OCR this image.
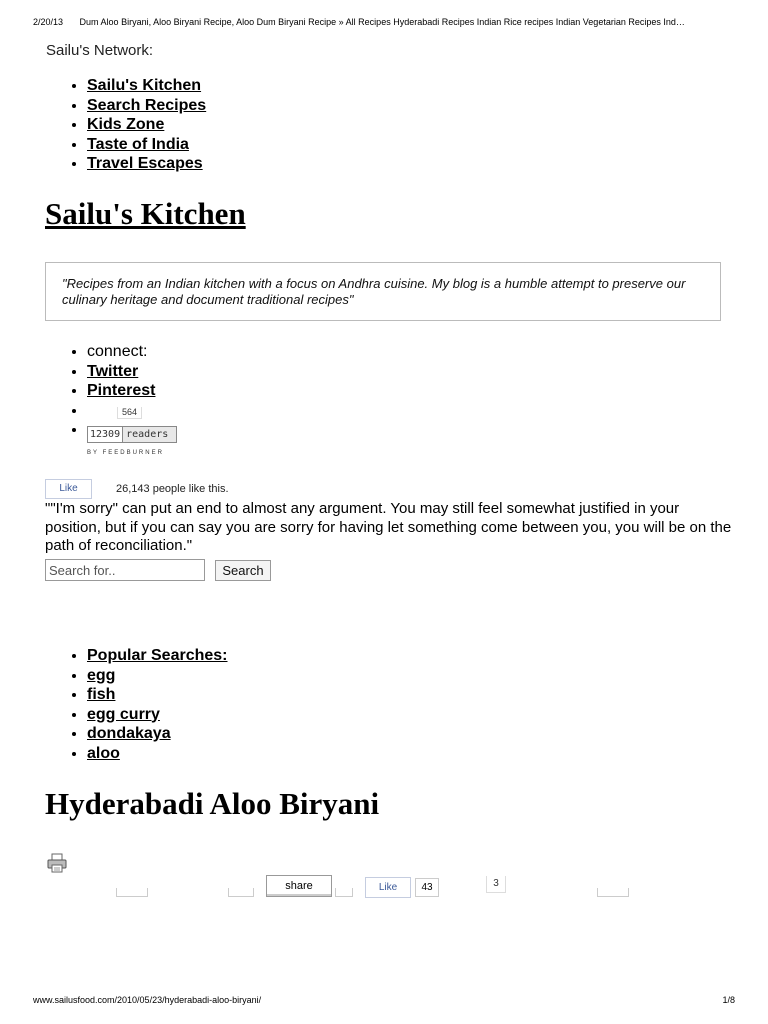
2/20/13 Dum Aloo Biryani, Aloo Biryani Recipe, Aloo Dum Biryani Recipe » All Recipes Hyderabadi Recipes Indian Rice recipes Indian Vegetarian Recipes Ind…
Sailu's Network:
• Sailu's Kitchen
• Search Recipes
• Kids Zone
• Taste of India
• Travel Escapes
Sailu's Kitchen
"Recipes from an Indian kitchen with a focus on Andhra cuisine. My blog is a humble attempt to preserve our culinary heritage and document traditional recipes"
• connect:
• Twitter
• Pinterest
• 564
• 12309 readers
BY FEEDBURNER
Like	26,143 people like this.

""I'm sorry" can put an end to almost any argument. You may still feel somewhat justified in your position, but if you can say you are sorry for having let something come between you, you will be on the path of reconciliation."

Search for..
Search
• Popular Searches:
• egg
• fish
• egg curry
• dondakaya
• aloo
Hyderabadi Aloo Biryani
share	Like	43	3
www.sailusfood.com/2010/05/23/hyderabadi-aloo-biryani/	1/8
